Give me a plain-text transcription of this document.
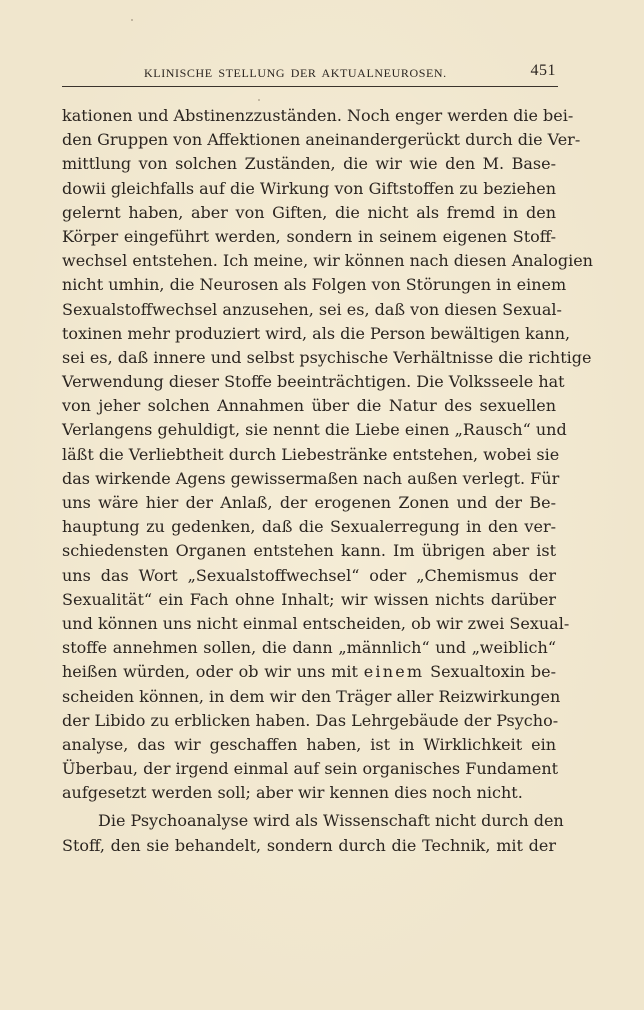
KLINISCHE STELLUNG DER AKTUALNEUROSEN.	451
kationen und Abstinenzzuständen. Noch enger werden die bei-
den Gruppen von Affektionen aneinandergerückt durch die Ver-
mittlung von solchen Zuständen, die wir wie den M. Base-
dowii gleichfalls auf die Wirkung von Giftstoffen zu beziehen
gelernt haben, aber von Giften, die nicht als fremd in den
Körper eingeführt werden, sondern in seinem eigenen Stoff-
wechsel entstehen. Ich meine, wir können nach diesen Analogien
nicht umhin, die Neurosen als Folgen von Störungen in einem
Sexualstoffwechsel anzusehen, sei es, daß von diesen Sexual-
toxinen mehr produziert wird, als die Person bewältigen kann,
sei es, daß innere und selbst psychische Verhältnisse die richtige
Verwendung dieser Stoffe beeinträchtigen. Die Volksseele hat
von jeher solchen Annahmen über die Natur des sexuellen
Verlangens gehuldigt, sie nennt die Liebe einen „Rausch“ und
läßt die Verliebtheit durch Liebestränke entstehen, wobei sie
das wirkende Agens gewissermaßen nach außen verlegt. Für
uns wäre hier der Anlaß, der erogenen Zonen und der Be-
hauptung zu gedenken, daß die Sexualerregung in den ver-
schiedensten Organen entstehen kann. Im übrigen aber ist
uns das Wort „Sexualstoffwechsel“ oder „Chemismus der
Sexualität“ ein Fach ohne Inhalt; wir wissen nichts darüber
und können uns nicht einmal entscheiden, ob wir zwei Sexual-
stoffe annehmen sollen, die dann „männlich“ und „weiblich“
heißen würden, oder ob wir uns mit einem Sexualtoxin be-
scheiden können, in dem wir den Träger aller Reizwirkungen
der Libido zu erblicken haben. Das Lehrgebäude der Psycho-
analyse, das wir geschaffen haben, ist in Wirklichkeit ein
Überbau, der irgend einmal auf sein organisches Fundament
aufgesetzt werden soll; aber wir kennen dies noch nicht.
Die Psychoanalyse wird als Wissenschaft nicht durch den
Stoff, den sie behandelt, sondern durch die Technik, mit der
